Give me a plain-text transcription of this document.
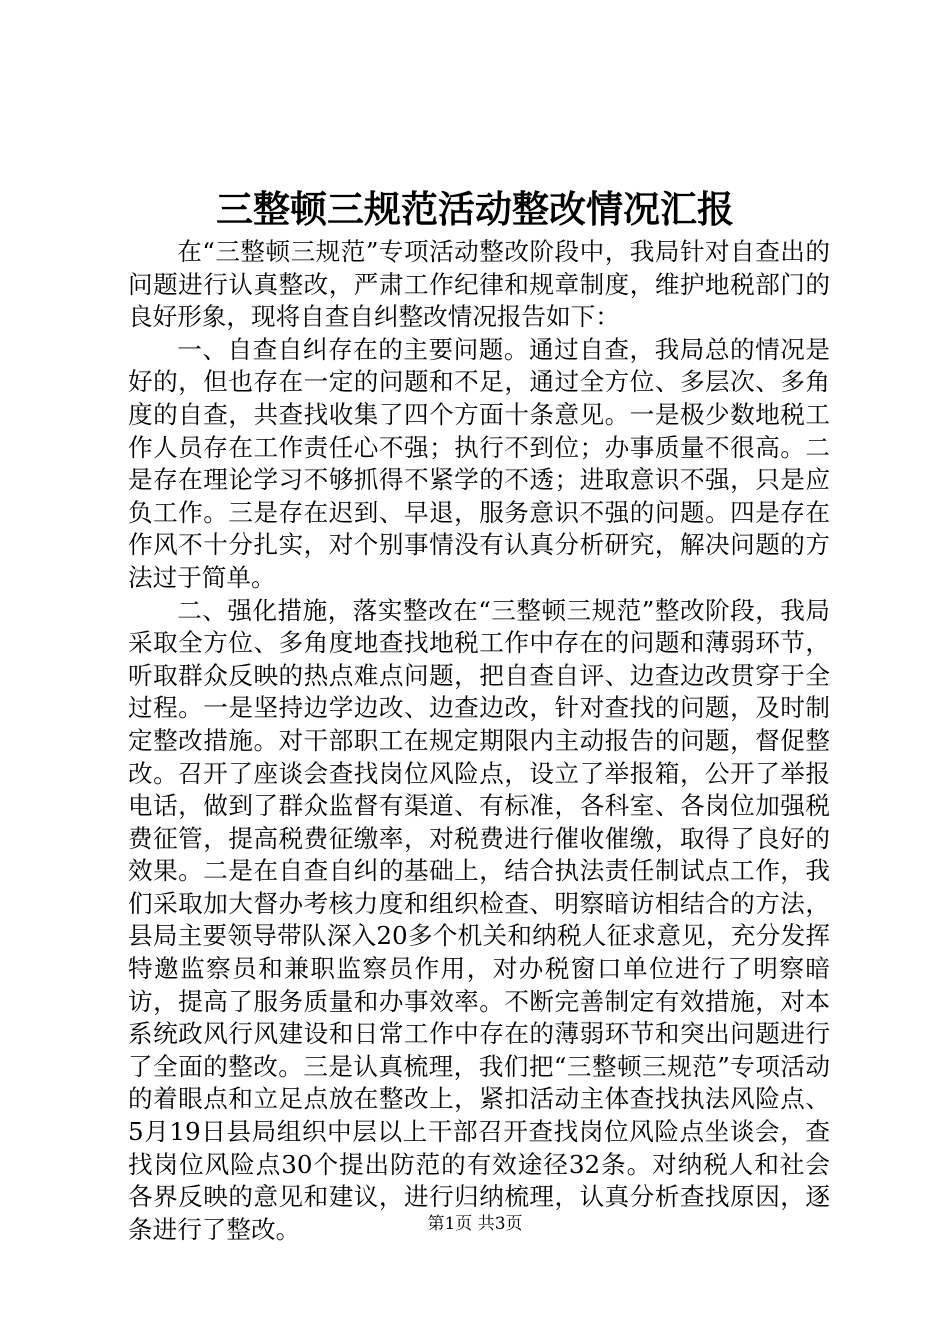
三整顿三规范活动整改情况汇报

在“三整顿三规范”专项活动整改阶段中，我局针对自查出的问题进行认真整改，严肃工作纪律和规章制度，维护地税部门的良好形象，现将自查自纠整改情况报告如下：

一、自查自纠存在的主要问题。通过自查，我局总的情况是好的，但也存在一定的问题和不足，通过全方位、多层次、多角度的自查，共查找收集了四个方面十条意见。一是极少数地税工作人员存在工作责任心不强；执行不到位；办事质量不很高。二是存在理论学习不够抓得不紧学的不透；进取意识不强，只是应负工作。三是存在迟到、早退，服务意识不强的问题。四是存在作风不十分扎实，对个别事情没有认真分析研究，解决问题的方法过于简单。

二、强化措施，落实整改在“三整顿三规范”整改阶段，我局采取全方位、多角度地查找地税工作中存在的问题和薄弱环节，听取群众反映的热点难点问题，把自查自评、边查边改贯穿于全过程。一是坚持边学边改、边查边改，针对查找的问题，及时制定整改措施。对干部职工在规定期限内主动报告的问题，督促整改。召开了座谈会查找岗位风险点，设立了举报箱，公开了举报电话，做到了群众监督有渠道、有标准，各科室、各岗位加强税费征管，提高税费征缴率，对税费进行催收催缴，取得了良好的效果。二是在自查自纠的基础上，结合执法责任制试点工作，我们采取加大督办考核力度和组织检查、明察暗访相结合的方法，县局主要领导带队深入20多个机关和纳税人征求意见，充分发挥特邀监察员和兼职监察员作用，对办税窗口单位进行了明察暗访，提高了服务质量和办事效率。不断完善制定有效措施，对本系统政风行风建设和日常工作中存在的薄弱环节和突出问题进行了全面的整改。三是认真梳理，我们把“三整顿三规范”专项活动的着眼点和立足点放在整改上，紧扣活动主体查找执法风险点、5月19日县局组织中层以上干部召开查找岗位风险点坐谈会，查找岗位风险点30个提出防范的有效途径32条。对纳税人和社会各界反映的意见和建议，进行归纳梳理，认真分析查找原因，逐条进行了整改。	第1页 共3页
